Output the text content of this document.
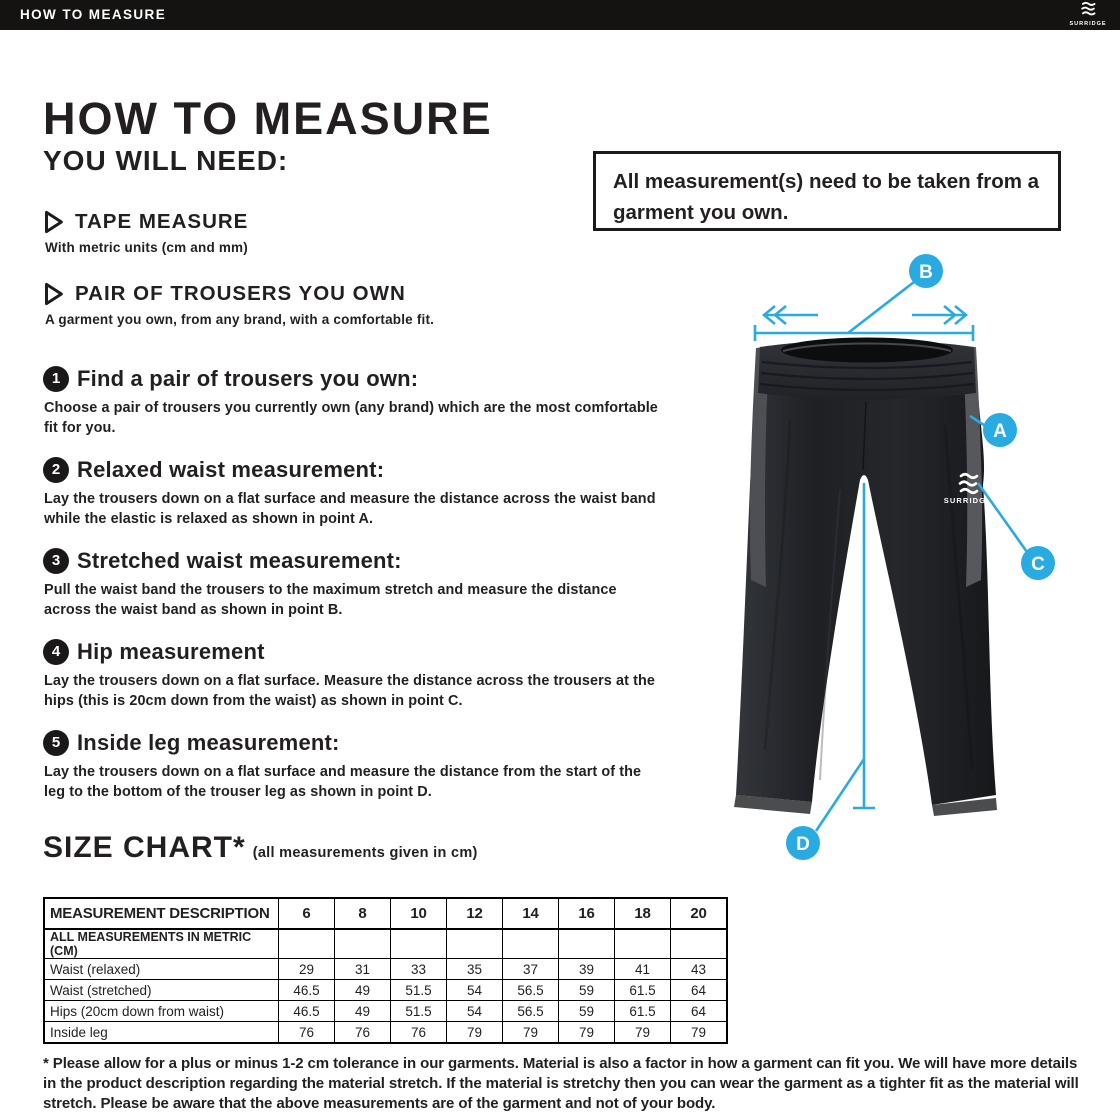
HOW TO MEASURE
SURRIDGE
HOW TO MEASURE
YOU WILL NEED:
TAPE MEASURE
With metric units (cm and mm)
PAIR OF TROUSERS YOU OWN
A garment you own, from any brand, with a comfortable fit.
All measurement(s) need to be taken from a garment you own.
1 Find a pair of trousers you own:

Choose a pair of trousers you currently own (any brand) which are the most comfortable fit for you.

2 Relaxed waist measurement:

Lay the trousers down on a flat surface and measure the distance across the waist band while the elastic is relaxed as shown in point A.

3 Stretched waist measurement:

Pull the waist band the trousers to the maximum stretch and measure the distance across the waist band as shown in point B.

4 Hip measurement

Lay the trousers down on a flat surface. Measure the distance across the trousers at the hips (this is 20cm down from the waist) as shown in point C.

5 Inside leg measurement:

Lay the trousers down on a flat surface and measure the distance from the start of the leg to the bottom of the trouser leg as shown in point D.

SIZE CHART* (all measurements given in cm)
MEASUREMENT DESCRIPTION	6	8	10	12	14	16	18	20
ALL MEASUREMENTS IN METRIC (CM)								
Waist (relaxed)	29	31	33	35	37	39	41	43
Waist (stretched)	46.5	49	51.5	54	56.5	59	61.5	64
Hips (20cm down from waist)	46.5	49	51.5	54	56.5	59	61.5	64
Inside leg	76	76	76	79	79	79	79	79

* Please allow for a plus or minus 1-2 cm tolerance in our garments. Material is also a factor in how a garment can fit you. We will have more details in the product description regarding the material stretch. If the material is stretchy then you can wear the garment as a tighter fit as the material will stretch. Please be aware that the above measurements are of the garment and not of your body.

SURRIDGE
B
A
C
D
